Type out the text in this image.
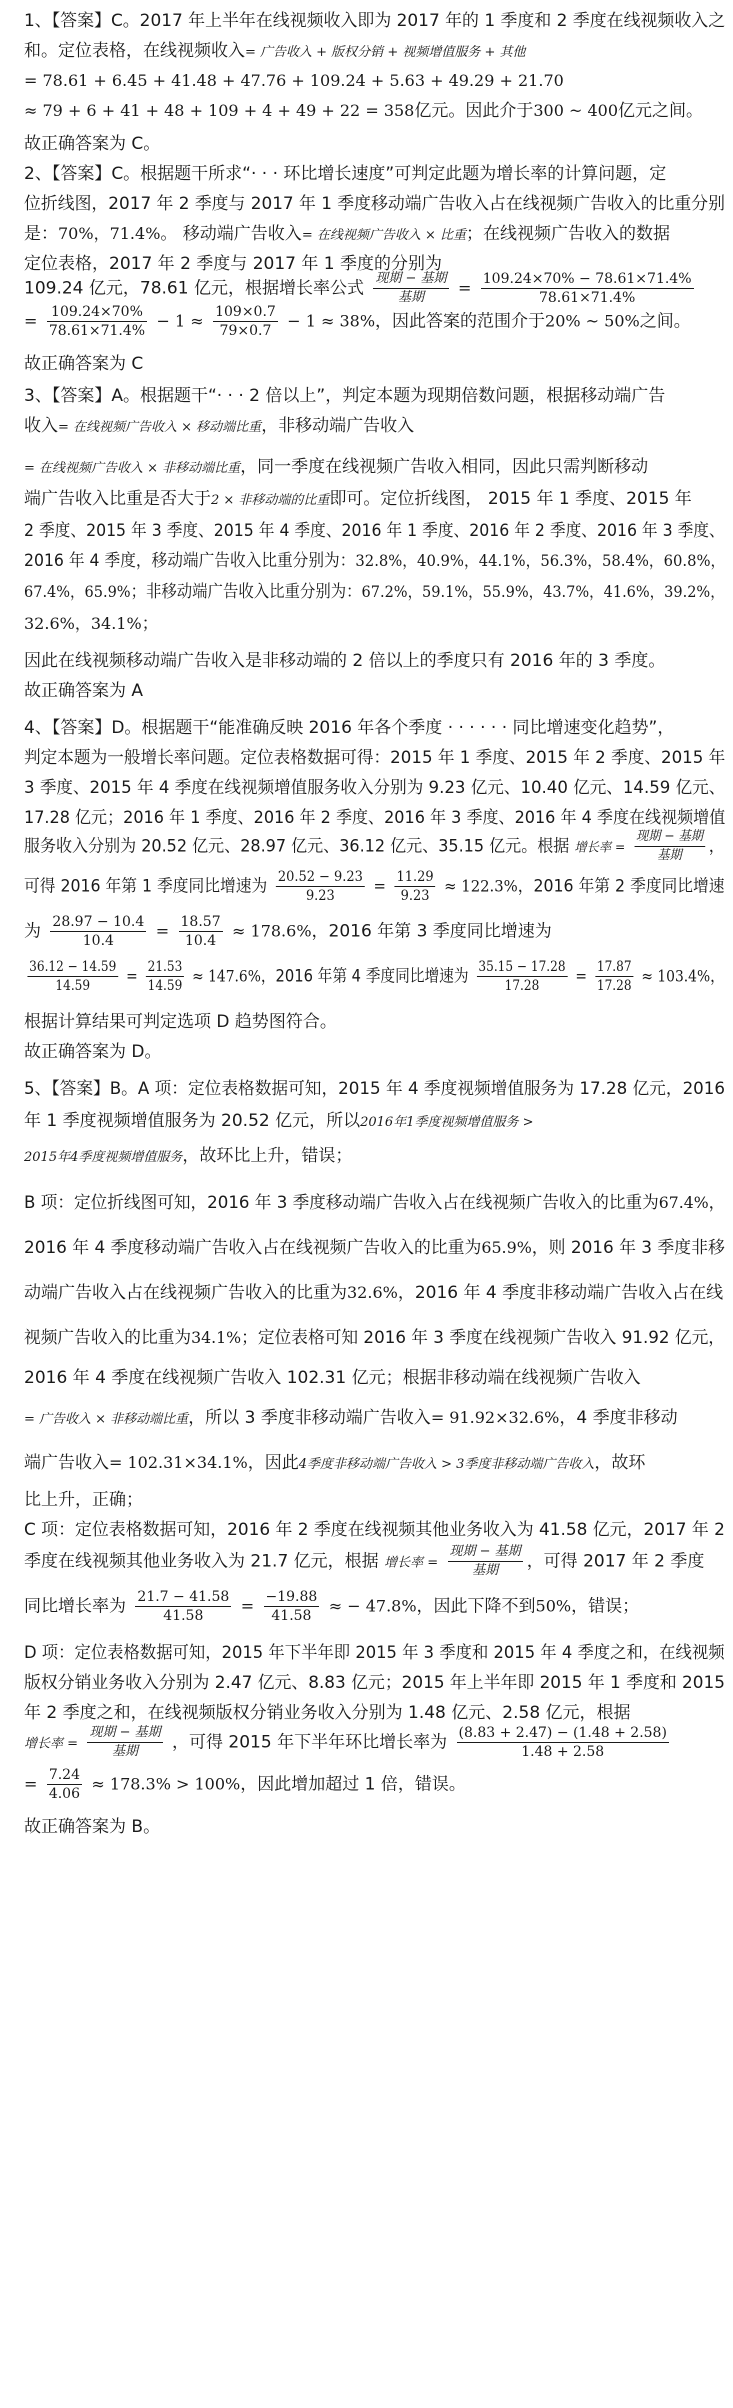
1、【答案】C。2017 年上半年在线视频收入即为 2017 年的 1 季度和 2 季度在线视频收入之
和。定位表格，在线视频收入= 广告收入 + 版权分销 + 视频增值服务 + 其他
= 78.61 + 6.45 + 41.48 + 47.76 + 109.24 + 5.63 + 49.29 + 21.70
≈ 79 + 6 + 41 + 48 + 109 + 4 + 49 + 22 = 358亿元。因此介于300 ~ 400亿元之间。
故正确答案为 C。
2、【答案】C。根据题干所求“· · · 环比增长速度”可判定此题为增长率的计算问题，定
位折线图，2017 年 2 季度与 2017 年 1 季度移动端广告收入占在线视频广告收入的比重分别
是：70%，71.4%。 移动端广告收入= 在线视频广告收入 × 比重；在线视频广告收入的数据
定位表格，2017 年 2 季度与 2017 年 1 季度的分别为
109.24 亿元，78.61 亿元，根据增长率公式 $\frac{\text{现期 − 基期}}{\text{基期}} = \frac{109.24\times 70\% - 78.61\times 71.4\%}{78.61\times 71.4\%}$
= $\frac{109.24\times 70\%}{78.61\times 71.4\%} - 1 \approx \frac{109\times 0.7}{79\times 0.7} - 1 \approx 38\%$，因此答案的范围介于20% ~ 50%之间。
故正确答案为 C
3、【答案】A。根据题干“· · · 2 倍以上”，判定本题为现期倍数问题，根据移动端广告
收入= 在线视频广告收入 × 移动端比重，非移动端广告收入
= 在线视频广告收入 × 非移动端比重，同一季度在线视频广告收入相同，因此只需判断移动
端广告收入比重是否大于2 × 非移动端的比重即可。定位折线图， 2015 年 1 季度、2015 年
2 季度、2015 年 3 季度、2015 年 4 季度、2016 年 1 季度、2016 年 2 季度、2016 年 3 季度、
2016 年 4 季度，移动端广告收入比重分别为：32.8%，40.9%，44.1%，56.3%，58.4%，60.8%，
67.4%，65.9%；非移动端广告收入比重分别为：67.2%，59.1%，55.9%，43.7%，41.6%，39.2%，
32.6%，34.1%；
因此在线视频移动端广告收入是非移动端的 2 倍以上的季度只有 2016 年的 3 季度。
故正确答案为 A
4、【答案】D。根据题干“能准确反映 2016 年各个季度 · · · · · · 同比增速变化趋势”，
判定本题为一般增长率问题。定位表格数据可得：2015 年 1 季度、2015 年 2 季度、2015 年
3 季度、2015 年 4 季度在线视频增值服务收入分别为 9.23 亿元、10.40 亿元、14.59 亿元、
17.28 亿元；2016 年 1 季度、2016 年 2 季度、2016 年 3 季度、2016 年 4 季度在线视频增值
服务收入分别为 20.52 亿元、28.97 亿元、36.12 亿元、35.15 亿元。根据 增长率 = $\frac{\text{现期 − 基期}}{\text{基期}}$ ，
可得 2016 年第 1 季度同比增速为 $\frac{20.52 - 9.23}{9.23} = \frac{11.29}{9.23} \approx 122.3\%$，2016 年第 2 季度同比增速
为 $\frac{28.97 - 10.4}{10.4} = \frac{18.57}{10.4} \approx 178.6\%$，2016 年第 3 季度同比增速为
$\frac{36.12 - 14.59}{14.59} = \frac{21.53}{14.59} \approx 147.6\%$，2016 年第 4 季度同比增速为 $\frac{35.15 - 17.28}{17.28} = \frac{17.87}{17.28} \approx 103.4\%$，
根据计算结果可判定选项 D 趋势图符合。
故正确答案为 D。
5、【答案】B。A 项：定位表格数据可知，2015 年 4 季度视频增值服务为 17.28 亿元，2016
年 1 季度视频增值服务为 20.52 亿元，所以2016年1季度视频增值服务 >
2015年4季度视频增值服务，故环比上升，错误；
B 项：定位折线图可知，2016 年 3 季度移动端广告收入占在线视频广告收入的比重为67.4%，
2016 年 4 季度移动端广告收入占在线视频广告收入的比重为65.9%，则 2016 年 3 季度非移
动端广告收入占在线视频广告收入的比重为32.6%，2016 年 4 季度非移动端广告收入占在线
视频广告收入的比重为34.1%；定位表格可知 2016 年 3 季度在线视频广告收入 91.92 亿元，
2016 年 4 季度在线视频广告收入 102.31 亿元；根据非移动端在线视频广告收入
= 广告收入 × 非移动端比重，所以 3 季度非移动端广告收入= 91.92×32.6%，4 季度非移动
端广告收入= 102.31×34.1%，因此4季度非移动端广告收入 > 3季度非移动端广告收入，故环
比上升，正确；
C 项：定位表格数据可知，2016 年 2 季度在线视频其他业务收入为 41.58 亿元，2017 年 2
季度在线视频其他业务收入为 21.7 亿元，根据 增长率 = $\frac{\text{现期 − 基期}}{\text{基期}}$ ，可得 2017 年 2 季度
同比增长率为 $\frac{21.7 - 41.58}{41.58} = \frac{-19.88}{41.58}$ ≈ − 47.8%，因此下降不到50%，错误；
D 项：定位表格数据可知，2015 年下半年即 2015 年 3 季度和 2015 年 4 季度之和，在线视频
版权分销业务收入分别为 2.47 亿元、8.83 亿元；2015 年上半年即 2015 年 1 季度和 2015
年 2 季度之和，在线视频版权分销业务收入分别为 1.48 亿元、2.58 亿元，根据
增长率 = $\frac{\text{现期 − 基期}}{\text{基期}}$ ，可得 2015 年下半年环比增长率为 $\frac{(8.83 + 2.47) - (1.48 + 2.58)}{1.48 + 2.58}$
= $\frac{7.24}{4.06} \approx 178.3\% > 100\%$，因此增加超过 1 倍，错误。
故正确答案为 B。
